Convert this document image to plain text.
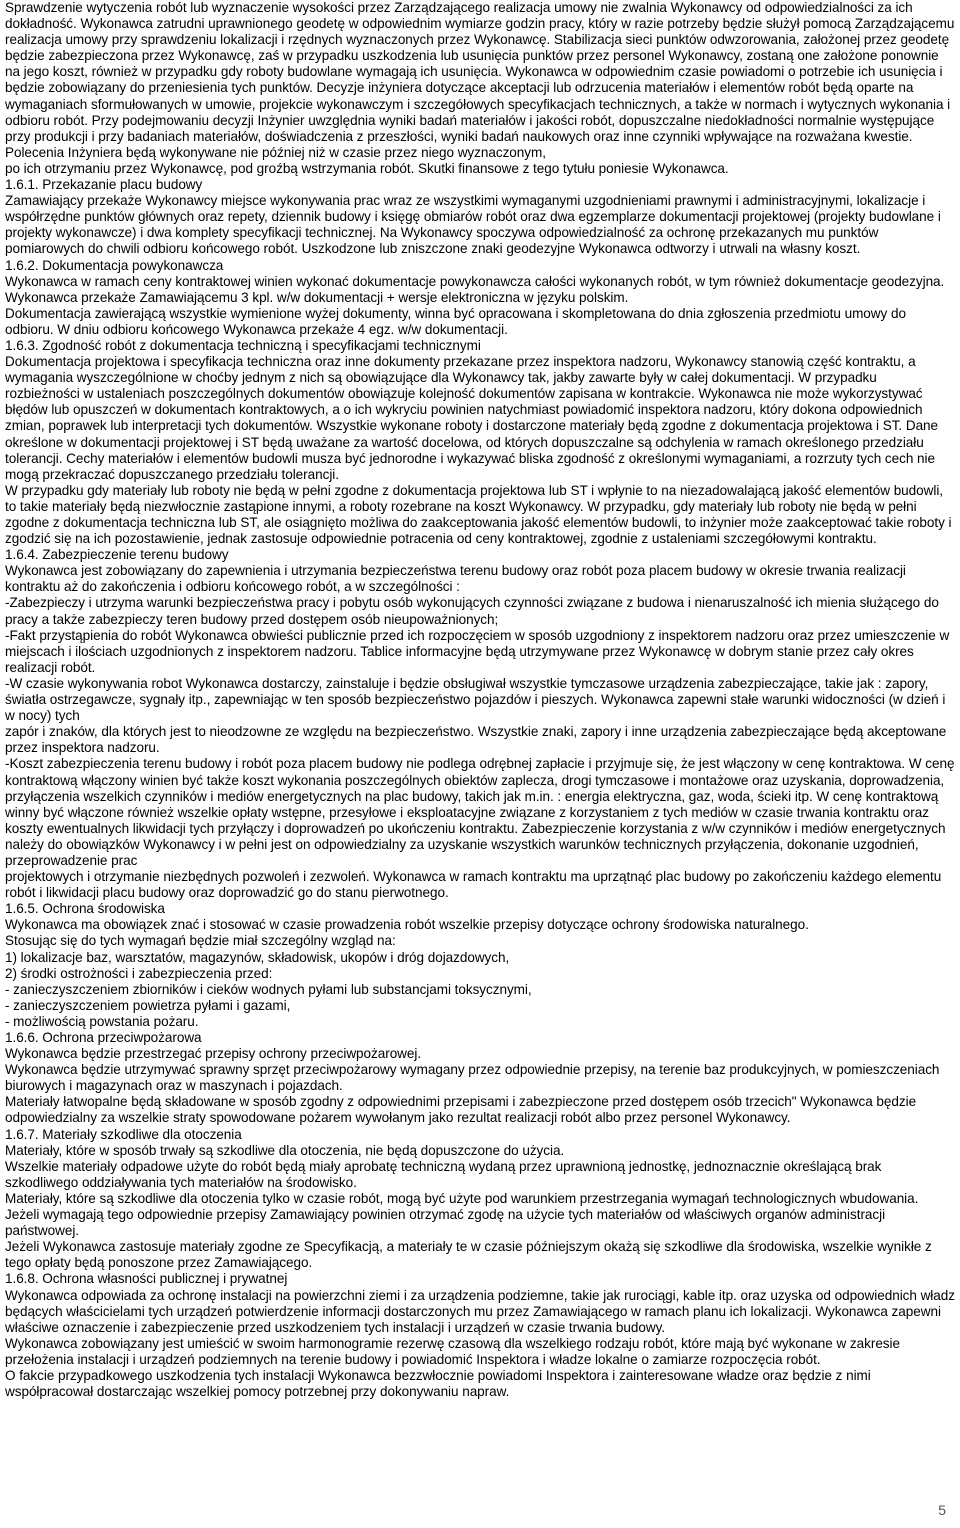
Sprawdzenie wytyczenia robót lub wyznaczenie wysokości przez Zarządzającego realizacja umowy nie zwalnia Wykonawcy od odpowiedzialności za ich dokładność. Wykonawca zatrudni uprawnionego geodetę w odpowiednim wymiarze godzin pracy, który w razie potrzeby będzie służył pomocą Zarządzającemu realizacja umowy przy sprawdzeniu lokalizacji i rzędnych wyznaczonych przez Wykonawcę. Stabilizacja sieci punktów odwzorowania, założonej przez geodetę będzie zabezpieczona przez Wykonawcę, zaś w przypadku uszkodzenia lub usunięcia punktów przez personel Wykonawcy, zostaną one założone ponownie na jego koszt, również w przypadku gdy roboty budowlane wymagają ich usunięcia. Wykonawca w odpowiednim czasie powiadomi o potrzebie ich usunięcia i będzie zobowiązany do przeniesienia tych punktów. Decyzje inżyniera dotyczące akceptacji lub odrzucenia materiałów i elementów robót będą oparte na wymaganiach sformułowanych w umowie, projekcie wykonawczym i szczegółowych specyfikacjach technicznych, a także w normach i wytycznych wykonania i odbioru robót. Przy podejmowaniu decyzji Inżynier uwzględnia wyniki badań materiałów i jakości robót, dopuszczalne niedokładności normalnie występujące przy produkcji i przy badaniach materiałów, doświadczenia z przeszłości, wyniki badań naukowych oraz inne czynniki wpływające na rozważana kwestie. Polecenia Inżyniera będą wykonywane nie później niż w czasie przez niego wyznaczonym,

po ich otrzymaniu przez Wykonawcę, pod groźbą wstrzymania robót. Skutki finansowe z tego tytułu poniesie Wykonawca.

1.6.1. Przekazanie placu budowy

Zamawiający przekaże Wykonawcy miejsce wykonywania prac wraz ze wszystkimi wymaganymi uzgodnieniami prawnymi i administracyjnymi, lokalizacje i współrzędne punktów głównych oraz repety, dziennik budowy i księgę obmiarów robót oraz dwa egzemplarze dokumentacji projektowej (projekty budowlane i projekty wykonawcze) i dwa komplety specyfikacji technicznej. Na Wykonawcy spoczywa odpowiedzialność za ochronę przekazanych mu punktów pomiarowych do chwili odbioru końcowego robót. Uszkodzone lub zniszczone znaki geodezyjne Wykonawca odtworzy i utrwali na własny koszt.

1.6.2. Dokumentacja powykonawcza

Wykonawca w ramach ceny kontraktowej winien wykonać dokumentacje powykonawcza całości wykonanych robót, w tym również dokumentacje geodezyjna. Wykonawca przekaże Zamawiającemu 3 kpl. w/w dokumentacji + wersje elektroniczna w języku polskim.

Dokumentacja zawierającą wszystkie wymienione wyżej dokumenty, winna być opracowana i skompletowana do dnia zgłoszenia przedmiotu umowy do odbioru. W dniu odbioru końcowego Wykonawca przekaże 4 egz. w/w dokumentacji.

1.6.3. Zgodność robót z dokumentacja techniczną i specyfikacjami technicznymi

Dokumentacja projektowa i specyfikacja techniczna oraz inne dokumenty przekazane przez inspektora nadzoru, Wykonawcy stanowią część kontraktu, a wymagania wyszczególnione w choćby jednym z nich są obowiązujące dla Wykonawcy tak, jakby zawarte były w całej dokumentacji. W przypadku rozbieżności w ustaleniach poszczególnych dokumentów obowiązuje kolejność dokumentów zapisana w kontrakcie. Wykonawca nie może wykorzystywać błędów lub opuszczeń w dokumentach kontraktowych, a o ich wykryciu powinien natychmiast powiadomić inspektora nadzoru, który dokona odpowiednich zmian, poprawek lub interpretacji tych dokumentów. Wszystkie wykonane roboty i dostarczone materiały będą zgodne z dokumentacja projektowa i ST. Dane określone w dokumentacji projektowej i ST będą uważane za wartość docelowa, od których dopuszczalne są odchylenia w ramach określonego przedziału tolerancji. Cechy materiałów i elementów budowli musza być jednorodne i wykazywać bliska zgodność z określonymi wymaganiami, a rozrzuty tych cech nie mogą przekraczać dopuszczanego przedziału tolerancji.

W przypadku gdy materiały lub roboty nie będą w pełni zgodne z dokumentacja projektowa lub ST i wpłynie to na niezadowalającą jakość elementów budowli, to takie materiały będą niezwłocznie zastąpione innymi, a roboty rozebrane na koszt Wykonawcy. W przypadku, gdy materiały lub roboty nie będą w pełni zgodne z dokumentacja techniczna lub ST, ale osiągnięto możliwa do zaakceptowania jakość elementów budowli, to inżynier może zaakceptować takie roboty i zgodzić się na ich pozostawienie, jednak zastosuje odpowiednie potracenia od ceny kontraktowej, zgodnie z ustaleniami szczegółowymi kontraktu.

1.6.4. Zabezpieczenie terenu budowy

Wykonawca jest zobowiązany do zapewnienia i utrzymania bezpieczeństwa terenu budowy oraz robót poza placem budowy w okresie trwania realizacji kontraktu aż do zakończenia i odbioru końcowego robót, a w szczególności :

-Zabezpieczy i utrzyma warunki bezpieczeństwa pracy i pobytu osób wykonujących czynności związane z budowa i nienaruszalność ich mienia służącego do pracy a także zabezpieczy teren budowy przed dostępem osób nieupoważnionych;

-Fakt przystąpienia do robót Wykonawca obwieści publicznie przed ich rozpoczęciem w sposób uzgodniony z inspektorem nadzoru oraz przez umieszczenie w miejscach i ilościach uzgodnionych z inspektorem nadzoru. Tablice informacyjne będą utrzymywane przez Wykonawcę w dobrym stanie przez cały okres realizacji robót.

-W czasie wykonywania robot Wykonawca dostarczy, zainstaluje i będzie obsługiwał wszystkie tymczasowe urządzenia zabezpieczające, takie jak : zapory, światła ostrzegawcze, sygnały itp., zapewniając w ten sposób bezpieczeństwo pojazdów i pieszych. Wykonawca zapewni stałe warunki widoczności (w dzień i w nocy) tych

zapór i znaków, dla których jest to nieodzowne ze względu na bezpieczeństwo. Wszystkie znaki, zapory i inne urządzenia zabezpieczające będą akceptowane przez inspektora nadzoru.

-Koszt zabezpieczenia terenu budowy i robót poza placem budowy nie podlega odrębnej zapłacie i przyjmuje się, że jest włączony w cenę kontraktowa. W cenę kontraktową włączony winien być także koszt wykonania poszczególnych obiektów zaplecza, drogi tymczasowe i montażowe oraz uzyskania, doprowadzenia,

przyłączenia wszelkich czynników i mediów energetycznych na plac budowy, takich jak m.in. : energia elektryczna, gaz, woda, ścieki itp. W cenę kontraktową winny być włączone również wszelkie opłaty wstępne, przesyłowe i eksploatacyjne związane z korzystaniem z tych mediów w czasie trwania kontraktu oraz koszty ewentualnych likwidacji tych przyłączy i doprowadzeń po ukończeniu kontraktu. Zabezpieczenie korzystania z w/w czynników i mediów energetycznych należy do obowiązków Wykonawcy i w pełni jest on odpowiedzialny za uzyskanie wszystkich warunków technicznych przyłączenia, dokonanie uzgodnień, przeprowadzenie prac

projektowych i otrzymanie niezbędnych pozwoleń i zezwoleń. Wykonawca w ramach kontraktu ma uprzątnąć plac budowy po zakończeniu każdego elementu robót i likwidacji placu budowy oraz doprowadzić go do stanu pierwotnego.

1.6.5. Ochrona środowiska

Wykonawca ma obowiązek znać i stosować w czasie prowadzenia robót wszelkie przepisy dotyczące ochrony środowiska naturalnego.

Stosując się do tych wymagań będzie miał szczególny wzgląd na:

1) lokalizacje baz, warsztatów, magazynów, składowisk, ukopów i dróg dojazdowych,

2) środki ostrożności i zabezpieczenia przed:

- zanieczyszczeniem zbiorników i cieków wodnych pyłami lub substancjami toksycznymi,

- zanieczyszczeniem powietrza pyłami i gazami,

- możliwością powstania pożaru.

1.6.6. Ochrona przeciwpożarowa

Wykonawca będzie przestrzegać przepisy ochrony przeciwpożarowej.

Wykonawca będzie utrzymywać sprawny sprzęt przeciwpożarowy wymagany przez odpowiednie przepisy, na terenie baz produkcyjnych, w pomieszczeniach biurowych i magazynach oraz w maszynach i pojazdach.

Materiały łatwopalne będą składowane w sposób zgodny z odpowiednimi przepisami i zabezpieczone przed dostępem osób trzecich" Wykonawca będzie odpowiedzialny za wszelkie straty spowodowane pożarem wywołanym jako rezultat realizacji robót albo przez personel Wykonawcy.

1.6.7. Materiały szkodliwe dla otoczenia

Materiały, które w sposób trwały są szkodliwe dla otoczenia, nie będą dopuszczone do użycia.

Wszelkie materiały odpadowe użyte do robót będą miały aprobatę techniczną wydaną przez uprawnioną jednostkę, jednoznacznie określającą brak szkodliwego oddziaływania tych materiałów na środowisko.

Materiały, które są szkodliwe dla otoczenia tylko w czasie robót, mogą być użyte pod warunkiem przestrzegania wymagań technologicznych wbudowania. Jeżeli wymagają tego odpowiednie przepisy Zamawiający powinien otrzymać zgodę na użycie tych materiałów od właściwych organów administracji państwowej.

Jeżeli Wykonawca zastosuje materiały zgodne ze Specyfikacją, a materiały te w czasie późniejszym okażą się szkodliwe dla środowiska, wszelkie wynikłe z tego opłaty będą ponoszone przez Zamawiającego.

1.6.8. Ochrona własności publicznej i prywatnej

Wykonawca odpowiada za ochronę instalacji na powierzchni ziemi i za urządzenia podziemne, takie jak rurociągi, kable itp. oraz uzyska od odpowiednich władz będących właścicielami tych urządzeń potwierdzenie informacji dostarczonych mu przez Zamawiającego w ramach planu ich lokalizacji. Wykonawca zapewni właściwe oznaczenie i zabezpieczenie przed uszkodzeniem tych instalacji i urządzeń w czasie trwania budowy.

Wykonawca zobowiązany jest umieścić w swoim harmonogramie rezerwę czasową dla wszelkiego rodzaju robót, które mają być wykonane w zakresie przełożenia instalacji i urządzeń podziemnych na terenie budowy i powiadomić Inspektora i władze lokalne o zamiarze rozpoczęcia robót.

O fakcie przypadkowego uszkodzenia tych instalacji Wykonawca bezzwłocznie powiadomi Inspektora i zainteresowane władze oraz będzie z nimi współpracował dostarczając wszelkiej pomocy potrzebnej przy dokonywaniu napraw.

5
